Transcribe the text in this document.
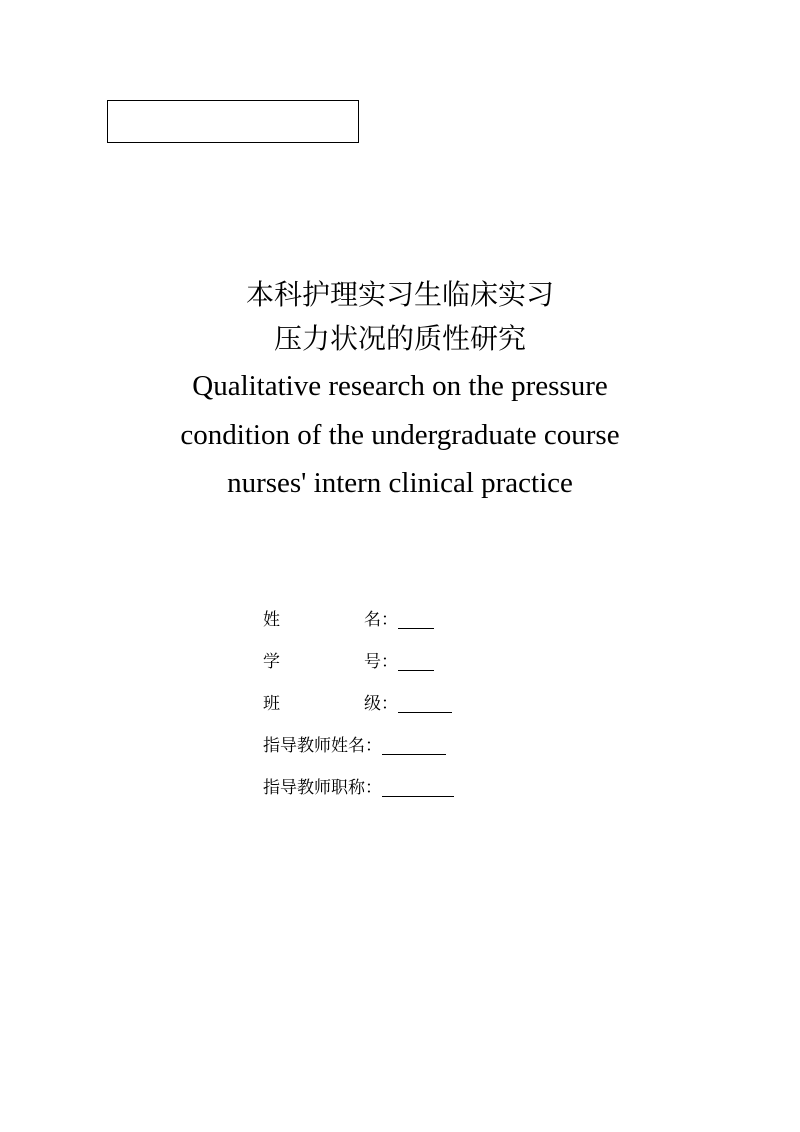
本科护理实习生临床实习
压力状况的质性研究
Qualitative research on the pressure
condition of the undergraduate course
nurses' intern clinical practice
姓名：
学号：
班级：
指导教师姓名：
指导教师职称：
